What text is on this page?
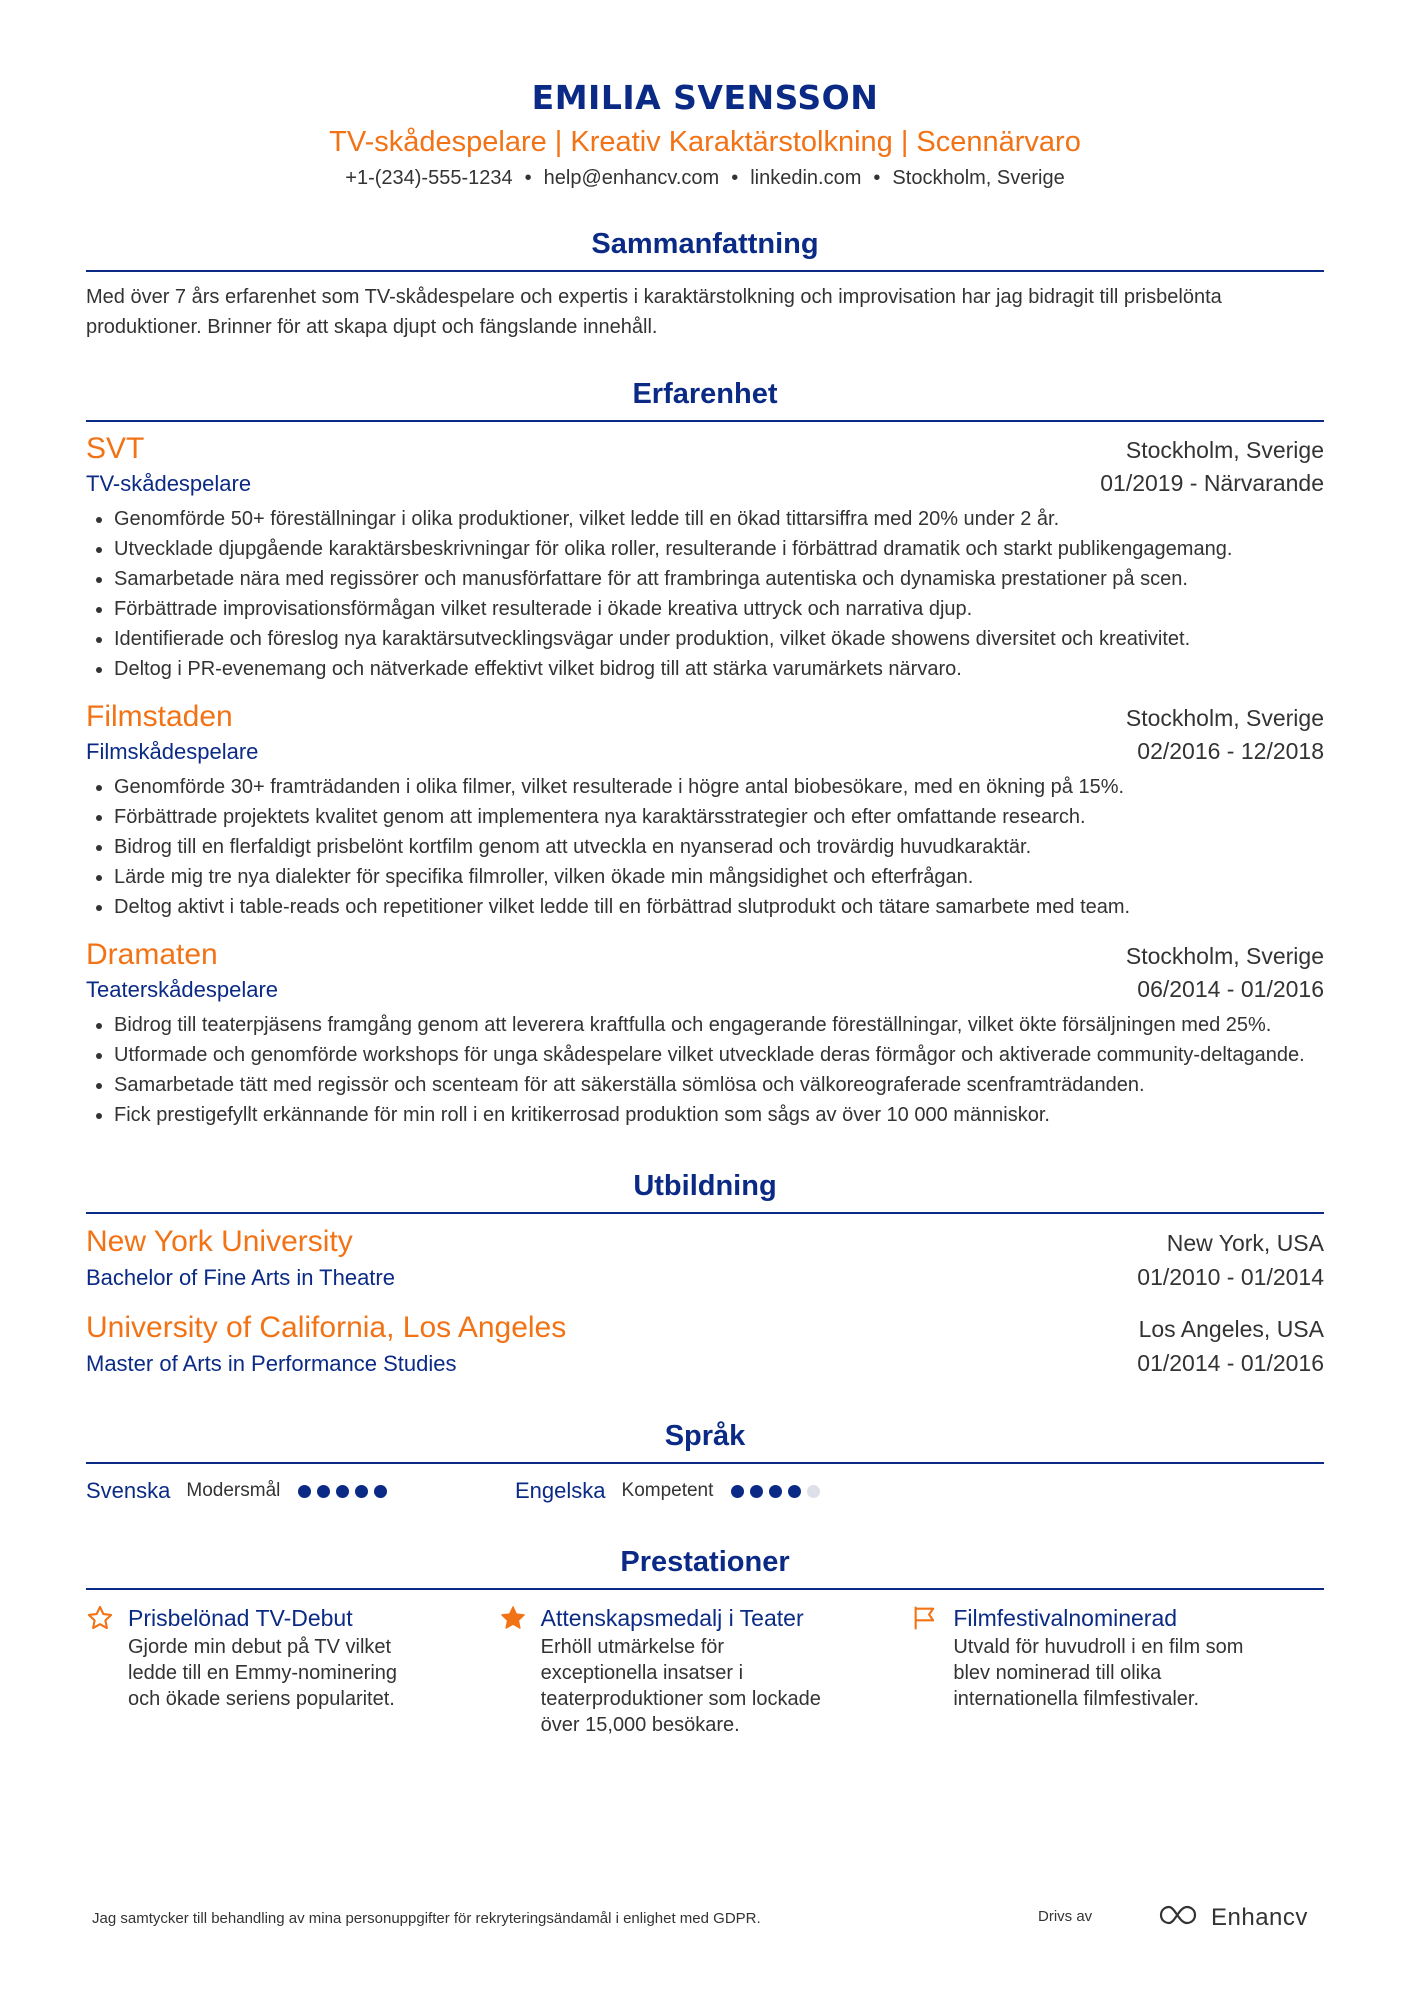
EMILIA SVENSSON
TV-skådespelare | Kreativ Karaktärstolkning | Scennärvaro
+1-(234)-555-1234 • help@enhancv.com • linkedin.com • Stockholm, Sverige
Sammanfattning

Med över 7 års erfarenhet som TV-skådespelare och expertis i karaktärstolkning och improvisation har jag bidragit till prisbelönta produktioner. Brinner för att skapa djupt och fängslande innehåll.

Erfarenhet
SVT	Stockholm, Sverige
TV-skådespelare	01/2019 - Närvarande
• Genomförde 50+ föreställningar i olika produktioner, vilket ledde till en ökad tittarsiffra med 20% under 2 år.
• Utvecklade djupgående karaktärsbeskrivningar för olika roller, resulterande i förbättrad dramatik och starkt publikengagemang.
• Samarbetade nära med regissörer och manusförfattare för att frambringa autentiska och dynamiska prestationer på scen.
• Förbättrade improvisationsförmågan vilket resulterade i ökade kreativa uttryck och narrativa djup.
• Identifierade och föreslog nya karaktärsutvecklingsvägar under produktion, vilket ökade showens diversitet och kreativitet.
• Deltog i PR-evenemang och nätverkade effektivt vilket bidrog till att stärka varumärkets närvaro.
Filmstaden	Stockholm, Sverige
Filmskådespelare	02/2016 - 12/2018
• Genomförde 30+ framträdanden i olika filmer, vilket resulterade i högre antal biobesökare, med en ökning på 15%.
• Förbättrade projektets kvalitet genom att implementera nya karaktärsstrategier och efter omfattande research.
• Bidrog till en flerfaldigt prisbelönt kortfilm genom att utveckla en nyanserad och trovärdig huvudkaraktär.
• Lärde mig tre nya dialekter för specifika filmroller, vilken ökade min mångsidighet och efterfrågan.
• Deltog aktivt i table-reads och repetitioner vilket ledde till en förbättrad slutprodukt och tätare samarbete med team.
Dramaten	Stockholm, Sverige
Teaterskådespelare	06/2014 - 01/2016
• Bidrog till teaterpjäsens framgång genom att leverera kraftfulla och engagerande föreställningar, vilket ökte försäljningen med 25%.
• Utformade och genomförde workshops för unga skådespelare vilket utvecklade deras förmågor och aktiverade community-deltagande.
• Samarbetade tätt med regissör och scenteam för att säkerställa sömlösa och välkoreograferade scenframträdanden.
• Fick prestigefyllt erkännande för min roll i en kritikerrosad produktion som sågs av över 10 000 människor.
Utbildning
New York University	New York, USA
Bachelor of Fine Arts in Theatre	01/2010 - 01/2014
University of California, Los Angeles	Los Angeles, USA
Master of Arts in Performance Studies	01/2014 - 01/2016
Språk
Svenska Modersmål	Engelska Kompetent
Prestationer
Prisbelönad TV-Debut
Gjorde min debut på TV vilket ledde till en Emmy-nominering och ökade seriens popularitet.
Attenskapsmedalj i Teater
Erhöll utmärkelse för exceptionella insatser i teaterproduktioner som lockade över 15,000 besökare.
Filmfestivalnominerad
Utvald för huvudroll i en film som blev nominerad till olika internationella filmfestivaler.
Jag samtycker till behandling av mina personuppgifter för rekryteringsändamål i enlighet med GDPR.	Drivs av	Enhancv
